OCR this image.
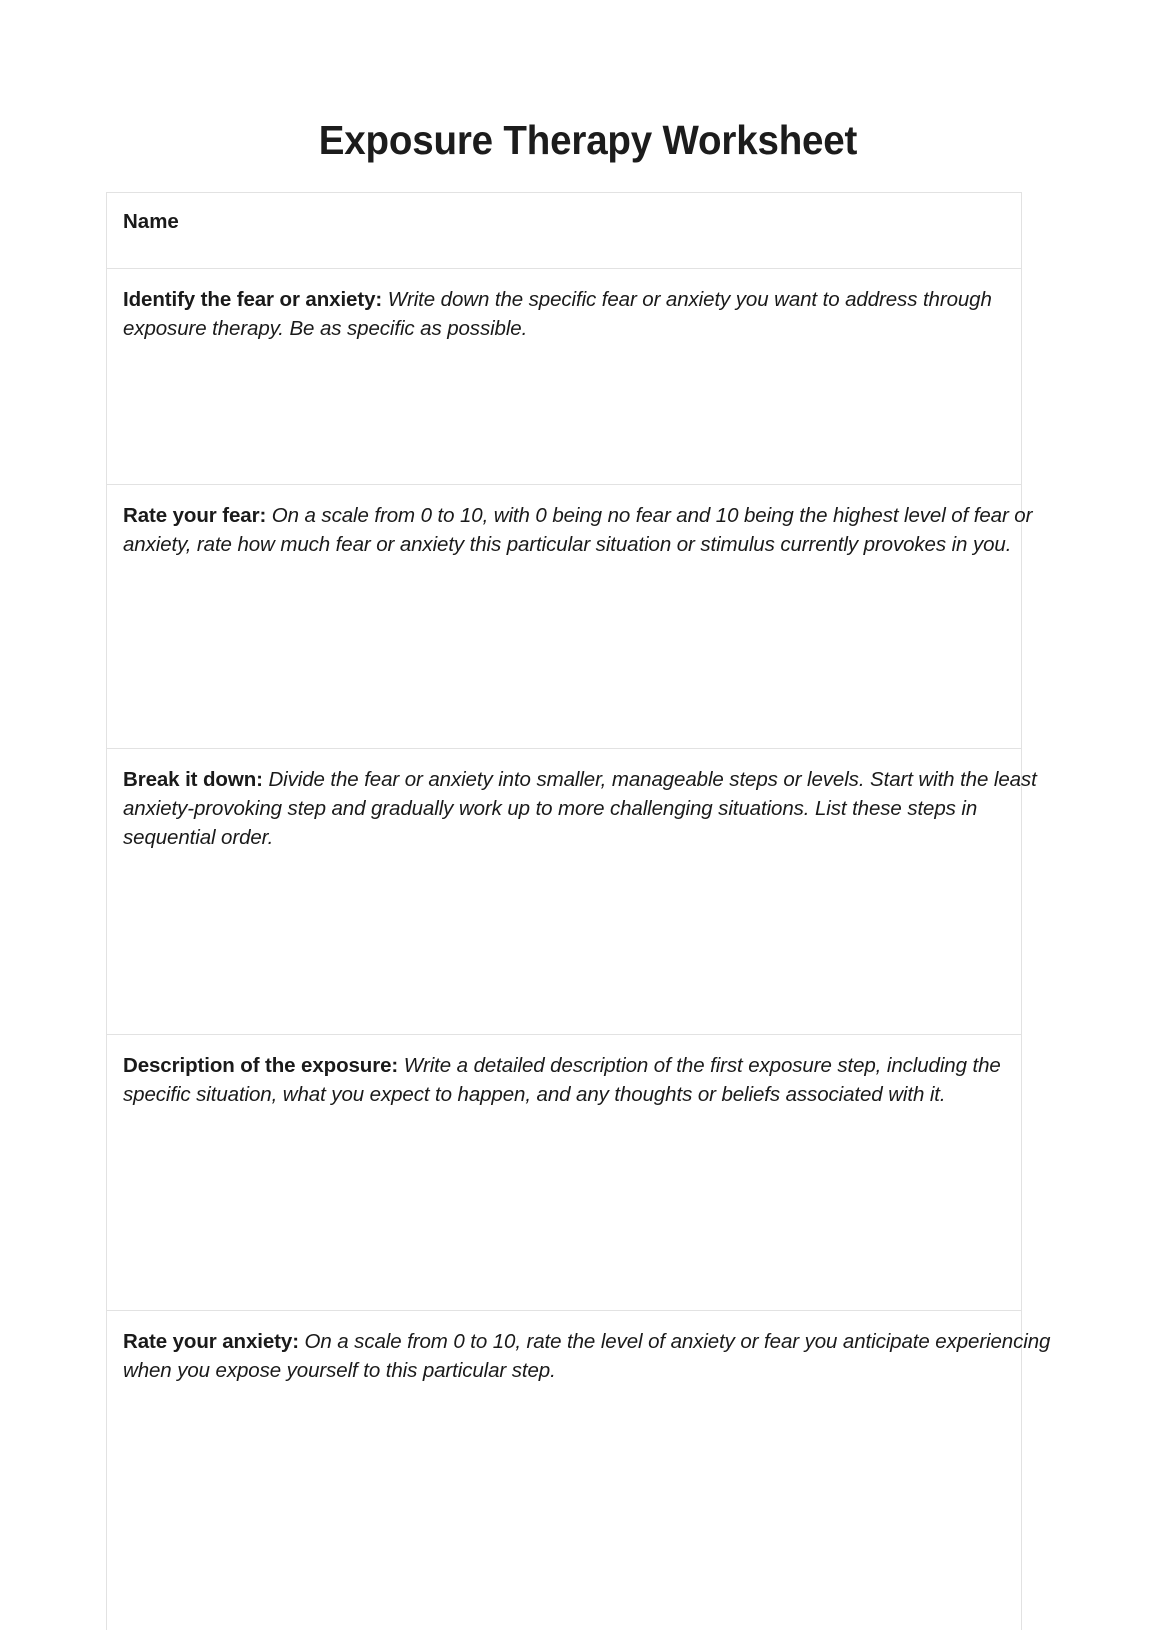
Exposure Therapy Worksheet

Name

Identify the fear or anxiety: Write down the specific fear or anxiety you want to address through exposure therapy. Be as specific as possible.

Rate your fear: On a scale from 0 to 10, with 0 being no fear and 10 being the highest level of fear or anxiety, rate how much fear or anxiety this particular situation or stimulus currently provokes in you.

Break it down: Divide the fear or anxiety into smaller, manageable steps or levels. Start with the least anxiety-provoking step and gradually work up to more challenging situations. List these steps in sequential order.

Description of the exposure: Write a detailed description of the first exposure step, including the specific situation, what you expect to happen, and any thoughts or beliefs associated with it.

Rate your anxiety: On a scale from 0 to 10, rate the level of anxiety or fear you anticipate experiencing when you expose yourself to this particular step.
